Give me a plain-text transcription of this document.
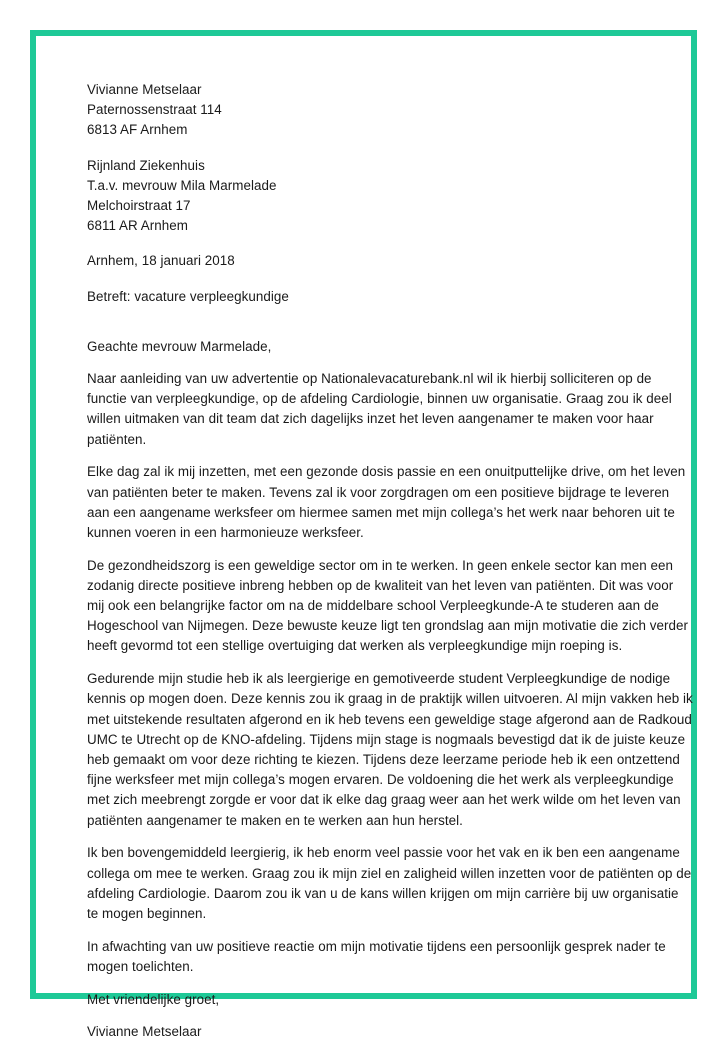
Vivianne Metselaar
Paternossenstraat 114
6813 AF Arnhem
Rijnland Ziekenhuis
T.a.v. mevrouw Mila Marmelade
Melchoirstraat 17
6811 AR Arnhem
Arnhem, 18 januari 2018
Betreft: vacature verpleegkundige
Geachte mevrouw Marmelade,
Naar aanleiding van uw advertentie op Nationalevacaturebank.nl wil ik hierbij solliciteren op de
functie van verpleegkundige, op de afdeling Cardiologie, binnen uw organisatie. Graag zou ik deel
willen uitmaken van dit team dat zich dagelijks inzet het leven aangenamer te maken voor haar
patiënten.
Elke dag zal ik mij inzetten, met een gezonde dosis passie en een onuitputtelijke drive, om het leven
van patiënten beter te maken. Tevens zal ik voor zorgdragen om een positieve bijdrage te leveren
aan een aangename werksfeer om hiermee samen met mijn collega’s het werk naar behoren uit te
kunnen voeren in een harmonieuze werksfeer.
De gezondheidszorg is een geweldige sector om in te werken. In geen enkele sector kan men een
zodanig directe positieve inbreng hebben op de kwaliteit van het leven van patiënten. Dit was voor
mij ook een belangrijke factor om na de middelbare school Verpleegkunde-A te studeren aan de
Hogeschool van Nijmegen. Deze bewuste keuze ligt ten grondslag aan mijn motivatie die zich verder
heeft gevormd tot een stellige overtuiging dat werken als verpleegkundige mijn roeping is.
Gedurende mijn studie heb ik als leergierige en gemotiveerde student Verpleegkundige de nodige
kennis op mogen doen. Deze kennis zou ik graag in de praktijk willen uitvoeren. Al mijn vakken heb ik
met uitstekende resultaten afgerond en ik heb tevens een geweldige stage afgerond aan de Radkoud
UMC te Utrecht op de KNO-afdeling. Tijdens mijn stage is nogmaals bevestigd dat ik de juiste keuze
heb gemaakt om voor deze richting te kiezen. Tijdens deze leerzame periode heb ik een ontzettend
fijne werksfeer met mijn collega’s mogen ervaren. De voldoening die het werk als verpleegkundige
met zich meebrengt zorgde er voor dat ik elke dag graag weer aan het werk wilde om het leven van
patiënten aangenamer te maken en te werken aan hun herstel.
Ik ben bovengemiddeld leergierig, ik heb enorm veel passie voor het vak en ik ben een aangename
collega om mee te werken. Graag zou ik mijn ziel en zaligheid willen inzetten voor de patiënten op de
afdeling Cardiologie. Daarom zou ik van u de kans willen krijgen om mijn carrière bij uw organisatie
te mogen beginnen.
In afwachting van uw positieve reactie om mijn motivatie tijdens een persoonlijk gesprek nader te
mogen toelichten.
Met vriendelijke groet,
Vivianne Metselaar
